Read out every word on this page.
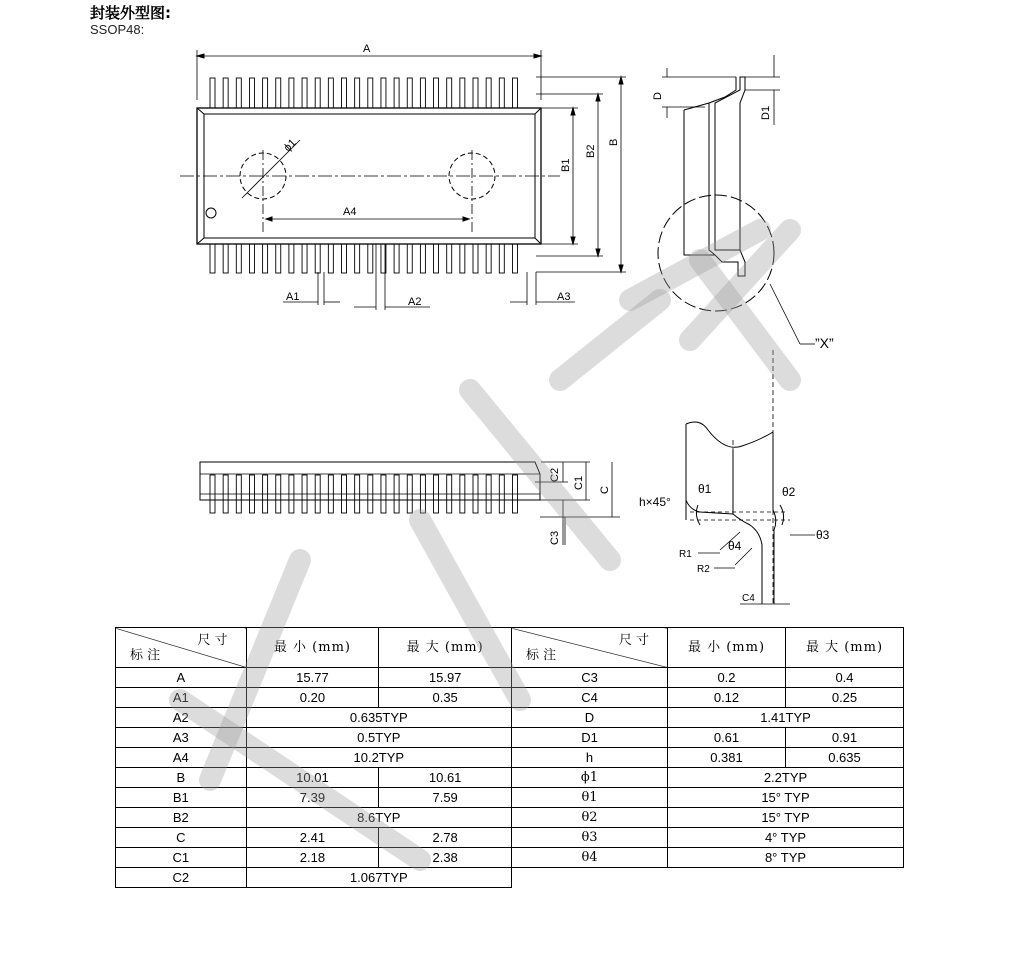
封装外型图:
SSOP48:
A
A4
ϕ1	B
B2
B1
A1	A2	A3
D
D1
”X”
C2
C1
C
C3
h×45°
θ1	θ2
θ3
θ4
R1
R2
C4
尺 寸
标 注	最 小 (mm)	最 大 (mm)
A	15.77	15.97
A1	0.20	0.35
A2	0.635TYP	
A3	0.5TYP	
A4	10.2TYP	
B	10.01	10.61
B1	7.39	7.59
B2	8.6TYP	
C	2.41	2.78
C1	2.18	2.38
C2	1.067TYP	
尺 寸
标 注	最 小 (mm)	最 大 (mm)
C3	0.2	0.4
C4	0.12	0.25
D	1.41TYP	
D1	0.61	0.91
h	0.381	0.635
ϕ1	2.2TYP	
θ1	15° TYP	
θ2	15° TYP	
θ3	4° TYP	
θ4	8° TYP	
